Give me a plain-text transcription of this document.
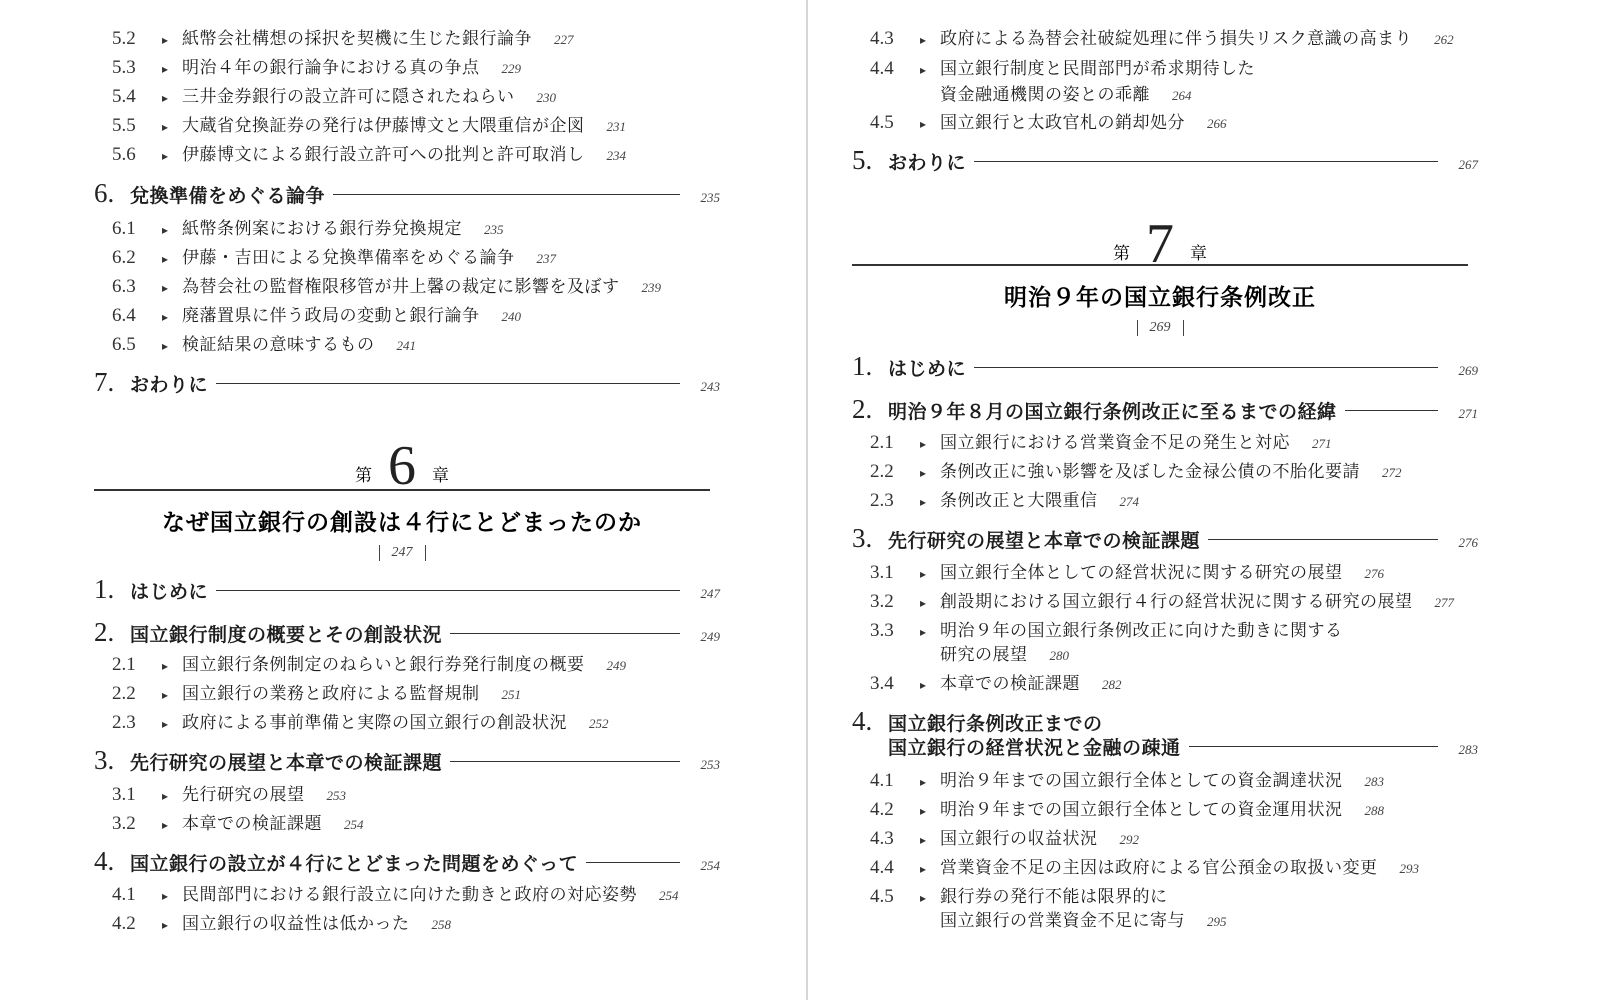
5.2	▸ 紙幣会社構想の採択を契機に生じた銀行論争 227
5.3	▸ 明治４年の銀行論争における真の争点 229
5.4	▸ 三井金券銀行の設立許可に隠されたねらい 230
5.5	▸ 大蔵省兌換証券の発行は伊藤博文と大隈重信が企図 231
5.6	▸ 伊藤博文による銀行設立許可への批判と許可取消し 234
6. 兌換準備をめぐる論争	235
6.1	▸ 紙幣条例案における銀行券兌換規定 235
6.2	▸ 伊藤・吉田による兌換準備率をめぐる論争 237
6.3	▸ 為替会社の監督権限移管が井上馨の裁定に影響を及ぼす 239
6.4	▸ 廃藩置県に伴う政局の変動と銀行論争 240
6.5	▸ 検証結果の意味するもの 241
7. おわりに	243
第 6 章
なぜ国立銀行の創設は４行にとどまったのか
247
1. はじめに	247
2. 国立銀行制度の概要とその創設状況	249
2.1	▸ 国立銀行条例制定のねらいと銀行券発行制度の概要 249
2.2	▸ 国立銀行の業務と政府による監督規制 251
2.3	▸ 政府による事前準備と実際の国立銀行の創設状況 252
3. 先行研究の展望と本章での検証課題	253
3.1	▸ 先行研究の展望 253
3.2	▸ 本章での検証課題 254
4. 国立銀行の設立が４行にとどまった問題をめぐって	254
4.1	▸ 民間部門における銀行設立に向けた動きと政府の対応姿勢 254
4.2	▸ 国立銀行の収益性は低かった 258
4.3	▸ 政府による為替会社破綻処理に伴う損失リスク意識の高まり 262
4.4	▸ 国立銀行制度と民間部門が希求期待した
資金融通機関の姿との乖離 264
4.5	▸ 国立銀行と太政官札の銷却処分 266
5. おわりに	267
第 7 章
明治９年の国立銀行条例改正
269
1. はじめに	269
2. 明治９年８月の国立銀行条例改正に至るまでの経緯	271
2.1	▸ 国立銀行における営業資金不足の発生と対応 271
2.2	▸ 条例改正に強い影響を及ぼした金禄公債の不胎化要請 272
2.3	▸ 条例改正と大隈重信 274
3. 先行研究の展望と本章での検証課題	276
3.1	▸ 国立銀行全体としての経営状況に関する研究の展望 276
3.2	▸ 創設期における国立銀行４行の経営状況に関する研究の展望 277
3.3	▸ 明治９年の国立銀行条例改正に向けた動きに関する
研究の展望 280
3.4	▸ 本章での検証課題 282
4. 国立銀行条例改正までの
国立銀行の経営状況と金融の疎通	283
4.1	▸ 明治９年までの国立銀行全体としての資金調達状況 283
4.2	▸ 明治９年までの国立銀行全体としての資金運用状況 288
4.3	▸ 国立銀行の収益状況 292
4.4	▸ 営業資金不足の主因は政府による官公預金の取扱い変更 293
4.5	▸ 銀行券の発行不能は限界的に
国立銀行の営業資金不足に寄与 295
